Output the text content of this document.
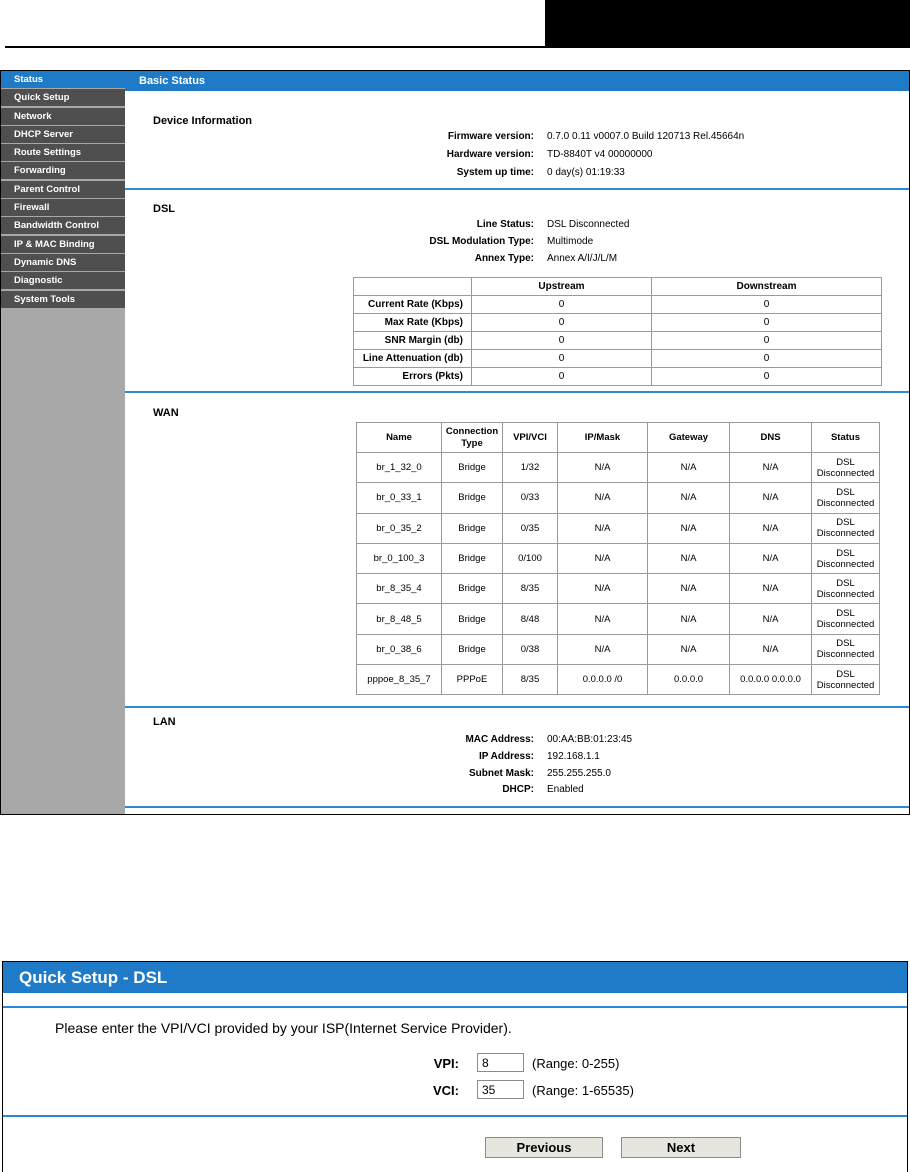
Status
Quick Setup
Network
DHCP Server
Route Settings
Forwarding
Parent Control
Firewall
Bandwidth Control
IP & MAC Binding
Dynamic DNS
Diagnostic
System Tools
Basic Status
Device Information
Firmware version: 0.7.0 0.11 v0007.0 Build 120713 Rel.45664n
Hardware version: TD-8840T v4 00000000
System up time: 0 day(s) 01:19:33
DSL
Line Status: DSL Disconnected
DSL Modulation Type: Multimode
Annex Type: Annex A/I/J/L/M
	Upstream	Downstream
Current Rate (Kbps)	0	0
Max Rate (Kbps)	0	0
SNR Margin (db)	0	0
Line Attenuation (db)	0	0
Errors (Pkts)	0	0
WAN
Name	Connection Type	VPI/VCI	IP/Mask	Gateway	DNS	Status
br_1_32_0	Bridge	1/32	N/A	N/A	N/A	DSL Disconnected
br_0_33_1	Bridge	0/33	N/A	N/A	N/A	DSL Disconnected
br_0_35_2	Bridge	0/35	N/A	N/A	N/A	DSL Disconnected
br_0_100_3	Bridge	0/100	N/A	N/A	N/A	DSL Disconnected
br_8_35_4	Bridge	8/35	N/A	N/A	N/A	DSL Disconnected
br_8_48_5	Bridge	8/48	N/A	N/A	N/A	DSL Disconnected
br_0_38_6	Bridge	0/38	N/A	N/A	N/A	DSL Disconnected
pppoe_8_35_7	PPPoE	8/35	0.0.0.0 /0	0.0.0.0	0.0.0.0 0.0.0.0	DSL Disconnected
LAN
MAC Address: 00:AA:BB:01:23:45
IP Address: 192.168.1.1
Subnet Mask: 255.255.255.0
DHCP: Enabled
Quick Setup - DSL
Please enter the VPI/VCI provided by your ISP(Internet Service Provider).
VPI:
8	(Range: 0-255)
VCI:
35	(Range: 1-65535)
Previous	Next
